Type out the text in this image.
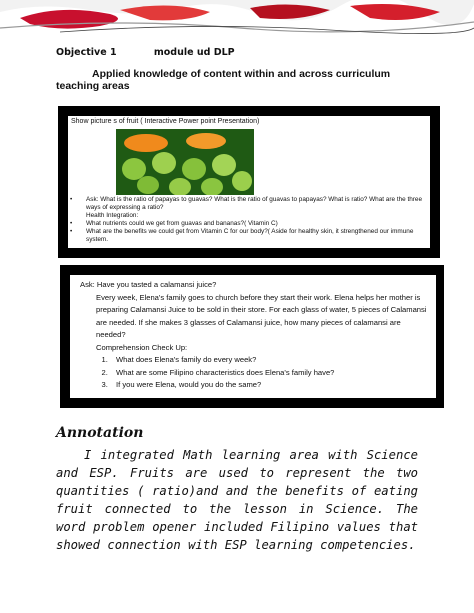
Objective 1	module ud DLP
Applied knowledge of content within and across curriculum
teaching areas
Show picture s of fruit ( Interactive Power point Presentation)
• Ask: What is the ratio of papayas to guavas? What is the ratio of guavas to papayas? What is ratio? What are the three ways of expressing a ratio?
Health Integration:
• What nutrients could we get from guavas and bananas?( Vitamin C)
• What are the benefits we could get from Vitamin C for our body?( Aside for healthy skin, it strengthened our immune system.
Ask: Have you tasted a calamansi juice?
Every week, Elena's family goes to church before they start their work. Elena helps her mother is preparing Calamansi Juice to be sold in their store. For each glass of water, 5 pieces of Calamansi are needed. If she makes 3 glasses of Calamansi juice, how many pieces of calamansi are needed?
Comprehension Check Up:
1. What does Elena's family do every week?
2. What are some Filipino characteristics does Elena's family have?
3. If you were Elena, would you do the same?
Annotation
I integrated Math learning area with Science and ESP. Fruits are used to represent the two quantities ( ratio)and and the benefits of eating fruit connected to the lesson in Science. The word problem opener included Filipino values that showed connection with ESP learning competencies.
